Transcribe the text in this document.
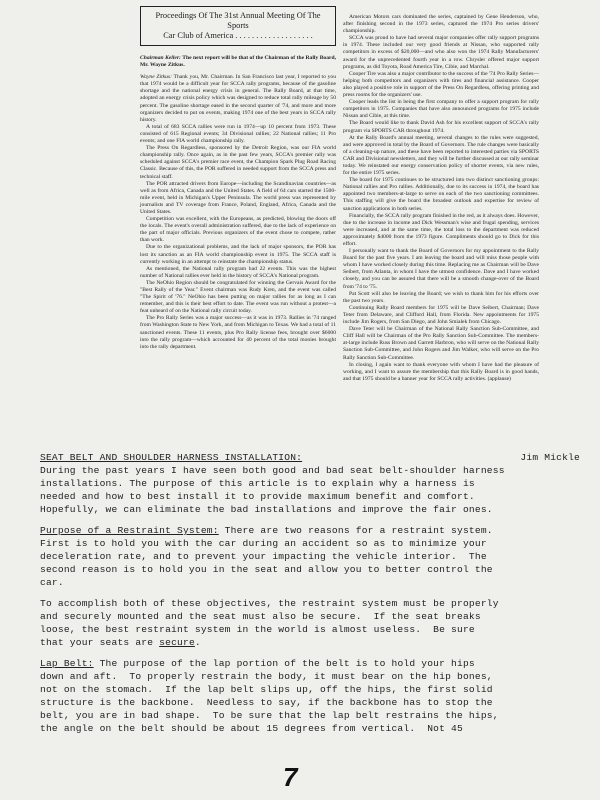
Proceedings Of The 31st Annual Meeting Of The Sports
Car Club of America . . . . . . . . . . . . . . . . . . .

Chairman Keller: The next report will be that of the Chairman of the Rally Board, Mr. Wayne Zitkus.

Wayne Zitkus: Thank you, Mr. Chairman. In San Francisco last year, I reported to you that 1974 would be a difficult year for SCCA rally programs, because of the gasoline shortage and the national energy crisis in general. The Rally Board, at that time, adopted an energy crisis policy which was designed to reduce total rally mileage by 50 percent. The gasoline shortage eased in the second quarter of '74, and more and more organizers decided to put on events, making 1974 one of the best years in SCCA rally history.

A total of 683 SCCA rallies were run in 1974—up 10 percent from 1973. These consisted of 615 Regional events; 34 Divisional rallies; 22 National rallies; 11 Pro events; and one FIA world championship rally.

The Press On Regardless, sponsored by the Detroit Region, was our FIA world championship rally. Once again, as in the past few years, SCCA's premier rally was scheduled against SCCA's premier race event, the Champion Spark Plug Road Racing Classic. Because of this, the POR suffered in needed support from the SCCA press and technical staff.

The POR attracted drivers from Europe—including the Scandinavian countries—as well as from Africa, Canada and the United States. A field of 64 cars started the 1500-mile event, held in Michigan's Upper Peninsula. The world press was represented by journalists and TV coverage from France, Poland, England, Africa, Canada and the United States.

Competition was excellent, with the Europeans, as predicted, blowing the doors off the locals. The event's overall administration suffered, due to the lack of experience on the part of major officials. Previous organizers of the event chose to compete, rather than work.

Due to the organizational problems, and the lack of major sponsors, the POR has lost its sanction as an FIA world championship event in 1975. The SCCA staff is currently working in an attempt to reinstate the championship status.

As mentioned, the National rally program had 22 events. This was the highest number of National rallies ever held in the history of SCCA's National program.

The NeOhio Region should be congratulated for winning the Gervais Award for the "Best Rally of the Year." Event chairman was Rudy Kren, and the event was called "The Spirit of '76." NeOhio has been putting on major rallies for as long as I can remember, and this is their best effort to date. The event was run without a protest—a feat unheard of on the National rally circuit today.

The Pro Rally Series was a major success—as it was in 1973. Rallies in '74 ranged from Washington State to New York, and from Michigan to Texas. We had a total of 11 sanctioned events. These 11 events, plus Pro Rally license fees, brought over $6000 into the rally program—which accounted for 40 percent of the total monies brought into the rally department.

American Motors cars dominated the series, captained by Gene Henderson, who, after finishing second in the 1973 series, captured the 1974 Pro series drivers' championship.

SCCA was proud to have had several major companies offer rally support programs in 1974. These included our very good friends at Nissan, who supported rally competitors in excess of $20,000—and who also won the 1974 Rally Manufacturers' award for the unprecedented fourth year in a row. Chrysler offered major support programs, as did Toyota, Road America Tire, Cibie, and Marchal.

Cooper Tire was also a major contributor to the success of the '74 Pro Rally Series—helping both competitors and organizers with tires and financial assistance. Cooper also played a positive role in support of the Press On Regardless, offering printing and press rooms for the organizers' use.

Cooper leads the list in being the first company to offer a support program for rally competitors in 1975. Companies that have also announced programs for 1975 include Nissan and Cibie, at this time.

The Board would like to thank David Ash for his excellent support of SCCA's rally program via SPORTS CAR throughout 1974.

At the Rally Board's annual meeting, several changes to the rules were suggested, and were approved in total by the Board of Governors. The rule changes were basically of a cleaning-up nature, and these have been reported to interested parties via SPORTS CAR and Divisional newsletters, and they will be further discussed at our rally seminar today. We reinstated our energy conservation policy of shorter events, via new rules, for the entire 1975 series.

The board for 1975 continues to be structured into two distinct sanctioning groups: National rallies and Pro rallies. Additionally, due to its success in 1974, the board has appointed two members-at-large to serve on each of the two sanctioning committees. This staffing will give the board the broadest outlook and expertise for review of sanction applications in both series.

Financially, the SCCA rally program finished in the red, as it always does. However, due to the increase in income and Dick Wessman's wise and frugal spending, services were increased, and at the same time, the total loss to the department was reduced approximately $4000 from the 1973 figure. Compliments should go to Dick for this effort.

I personally want to thank the Board of Governors for my appointment to the Rally Board for the past five years. I am leaving the board and will miss those people with whom I have worked closely during this time. Replacing me as Chairman will be Dave Seibert, from Atlanta, in whom I have the utmost confidence. Dave and I have worked closely, and you can be assured that there will be a smooth change-over of the Board from '74 to '75.

Pat Scott will also be leaving the Board; we wish to thank him for his efforts over the past two years.

Continuing Rally Board members for 1975 will be Dave Seibert, Chairman; Dave Teter from Delaware, and Clifford Hall, from Florida. New appointments for 1975 include Jim Rogers, from San Diego, and John Smialek from Chicago.

Dave Teter will be Chairman of the National Rally Sanction Sub-Committee, and Cliff Hall will be Chairman of the Pro Rally Sanction Sub-Committee. The members-at-large include Russ Brown and Garrett Harbron, who will serve on the National Rally Sanction Sub-Committee, and John Rogers and Jim Walker, who will serve on the Pro Rally Sanction Sub-Committee.

In closing, I again want to thank everyone with whom I have had the pleasure of working, and I want to assure the membership that this Rally Board is in good hands, and that 1975 should be a banner year for SCCA rally activities. (applause)

SEAT BELT AND SHOULDER HARNESS INSTALLATION:	Jim Mickle
During the past years I have seen both good and bad seat belt-shoulder harness
installations. The purpose of this article is to explain why a harness is
needed and how to best install it to provide maximum benefit and comfort.
Hopefully, we can eliminate the bad installations and improve the fair ones.
Purpose of a Restraint System: There are two reasons for a restraint system.
First is to hold you with the car during an accident so as to minimize your
deceleration rate, and to prevent your impacting the vehicle interior.  The
second reason is to hold you in the seat and allow you to better control the
car.
To accomplish both of these objectives, the restraint system must be properly
and securely mounted and the seat must also be secure.  If the seat breaks
loose, the best restraint system in the world is almost useless.  Be sure
that your seats are secure.
Lap Belt: The purpose of the lap portion of the belt is to hold your hips
down and aft.  To properly restrain the body, it must bear on the hip bones,
not on the stomach.  If the lap belt slips up, off the hips, the first solid
structure is the backbone.  Needless to say, if the backbone has to stop the
belt, you are in bad shape.  To be sure that the lap belt restrains the hips,
the angle on the belt should be about 15 degrees from vertical.  Not 45
7
